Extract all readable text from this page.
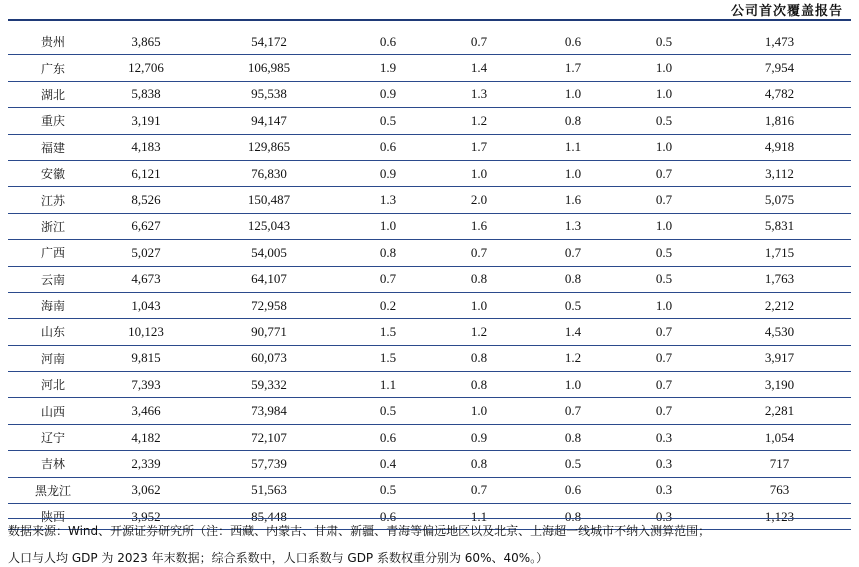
公司首次覆盖报告
贵州	3,865	54,172	0.6	0.7	0.6	0.5	1,473
广东	12,706	106,985	1.9	1.4	1.7	1.0	7,954
湖北	5,838	95,538	0.9	1.3	1.0	1.0	4,782
重庆	3,191	94,147	0.5	1.2	0.8	0.5	1,816
福建	4,183	129,865	0.6	1.7	1.1	1.0	4,918
安徽	6,121	76,830	0.9	1.0	1.0	0.7	3,112
江苏	8,526	150,487	1.3	2.0	1.6	0.7	5,075
浙江	6,627	125,043	1.0	1.6	1.3	1.0	5,831
广西	5,027	54,005	0.8	0.7	0.7	0.5	1,715
云南	4,673	64,107	0.7	0.8	0.8	0.5	1,763
海南	1,043	72,958	0.2	1.0	0.5	1.0	2,212
山东	10,123	90,771	1.5	1.2	1.4	0.7	4,530
河南	9,815	60,073	1.5	0.8	1.2	0.7	3,917
河北	7,393	59,332	1.1	0.8	1.0	0.7	3,190
山西	3,466	73,984	0.5	1.0	0.7	0.7	2,281
辽宁	4,182	72,107	0.6	0.9	0.8	0.3	1,054
吉林	2,339	57,739	0.4	0.8	0.5	0.3	717
黑龙江	3,062	51,563	0.5	0.7	0.6	0.3	763
陕西	3,952	85,448	0.6	1.1	0.8	0.3	1,123
数据来源：Wind、开源证券研究所（注：西藏、内蒙古、甘肃、新疆、青海等偏远地区以及北京、上海超一线城市不纳入测算范围；
人口与人均 GDP 为 2023 年末数据；综合系数中，人口系数与 GDP 系数权重分别为 60%、40%。）
